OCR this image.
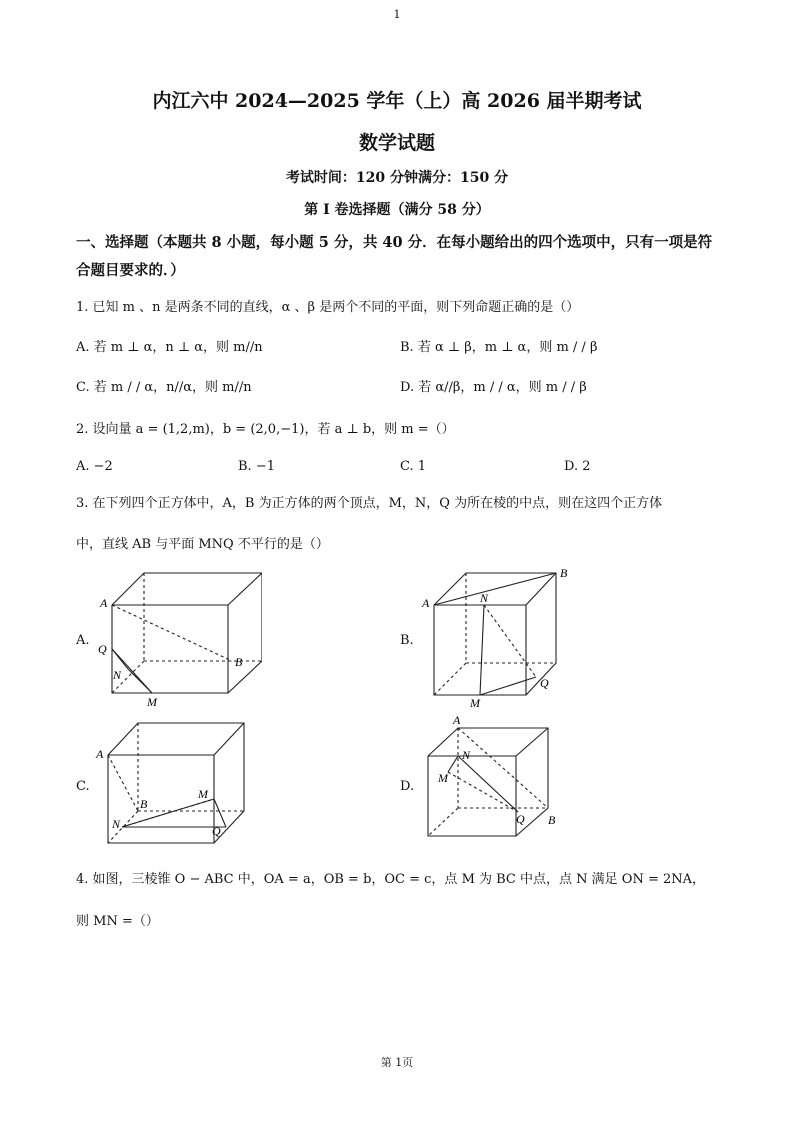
1
内江六中 2024—2025 学年（上）高 2026 届半期考试
数学试题
考试时间：120 分钟满分：150 分
第 I 卷选择题（满分 58 分）
一、选择题（本题共 8 小题，每小题 5 分，共 40 分．在每小题给出的四个选项中，只有一项是符合题目要求的．）
1. 已知 m 、n 是两条不同的直线，α 、β 是两个不同的平面，则下列命题正确的是（）
A. 若 m ⊥ α，n ⊥ α，则 m//n	B. 若 α ⊥ β，m ⊥ α，则 m / / β
C. 若 m / / α，n//α，则 m//n	D. 若 α//β，m / / α，则 m / / β
2. 设向量 a = (1,2,m)，b = (2,0,−1)，若 a ⊥ b，则 m =（）
A. −2	B. −1	C. 1	D. 2
3. 在下列四个正方体中，A，B 为正方体的两个顶点，M，N，Q 为所在棱的中点，则在这四个正方体
中，直线 AB 与平面 MNQ 不平行的是（）
A.	B.
C.	D.
A
B
Q
N
M
A
B
N
Q
M
A
B
M
N	Q
A
N
M
Q B
4. 如图，三棱锥 O − ABC 中，OA = a，OB = b，OC = c，点 M 为 BC 中点，点 N 满足 ON = 2NA，
则 MN =（）
第 1页
